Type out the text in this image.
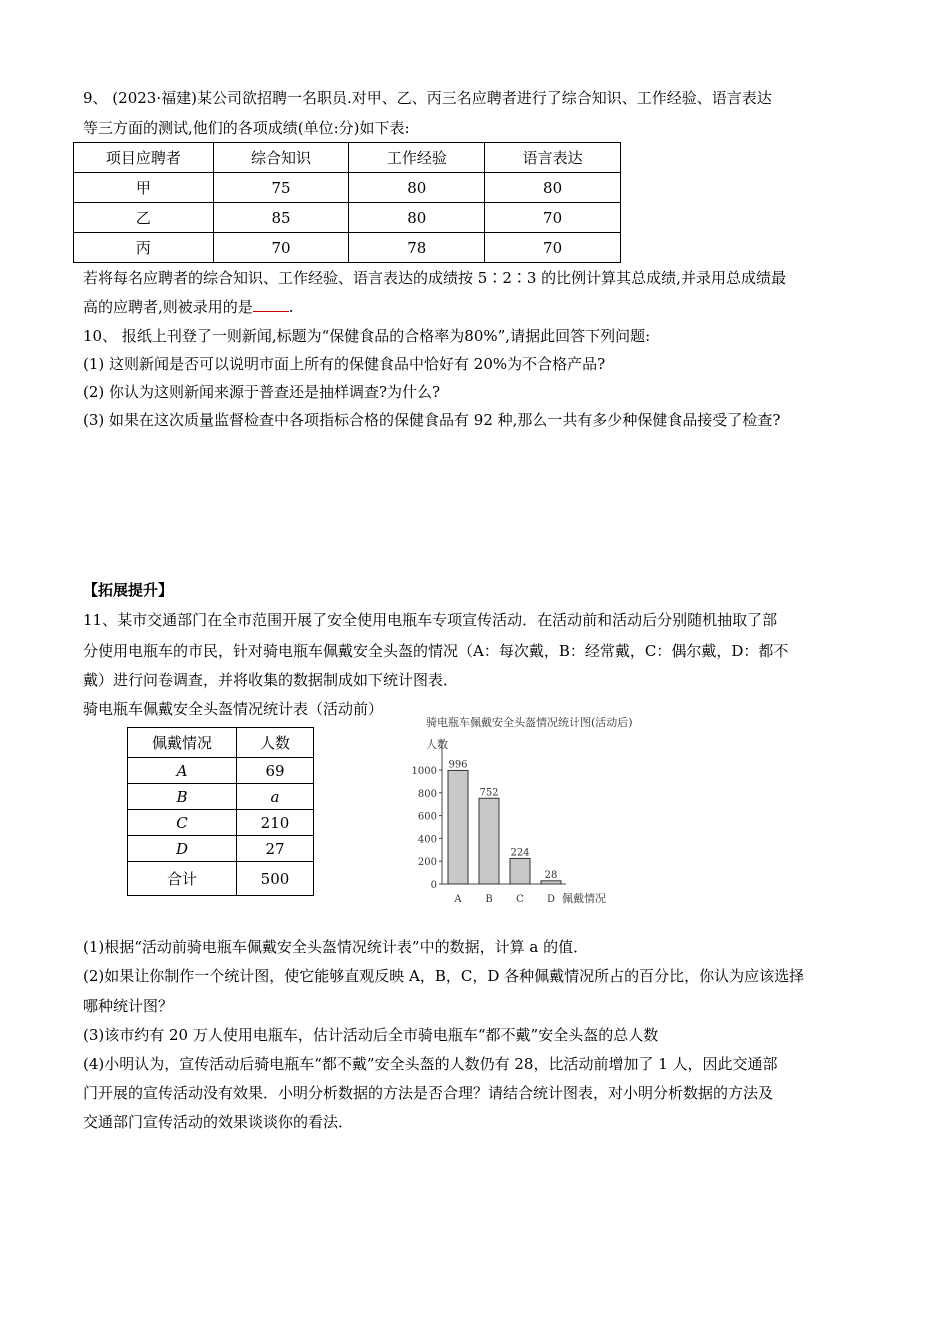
9、 (2023·福建)某公司欲招聘一名职员.对甲、乙、丙三名应聘者进行了综合知识、工作经验、语言表达
等三方面的测试,他们的各项成绩(单位:分)如下表:
项目应聘者	综合知识	工作经验	语言表达
甲	75	80	80
乙	85	80	70
丙	70	78	70
若将每名应聘者的综合知识、工作经验、语言表达的成绩按 5∶2∶3 的比例计算其总成绩,并录用总成绩最
高的应聘者,则被录用的是 .
10、 报纸上刊登了一则新闻,标题为“保健食品的合格率为80%”,请据此回答下列问题:
(1) 这则新闻是否可以说明市面上所有的保健食品中恰好有 20%为不合格产品?
(2) 你认为这则新闻来源于普查还是抽样调查?为什么?
(3) 如果在这次质量监督检查中各项指标合格的保健食品有 92 种,那么一共有多少种保健食品接受了检查?
【拓展提升】
11、某市交通部门在全市范围开展了安全使用电瓶车专项宣传活动．在活动前和活动后分别随机抽取了部
分使用电瓶车的市民，针对骑电瓶车佩戴安全头盔的情况（A：每次戴，B：经常戴，C：偶尔戴，D：都不
戴）进行问卷调查，并将收集的数据制成如下统计图表．
骑电瓶车佩戴安全头盔情况统计表（活动前）
佩戴情况	人数
A	69
B	a
C	210
D	27
合计	500
骑电瓶车佩戴安全头盔情况统计图(活动后)
人数
0
200
400
600
800
1000
996
752
224
28
A B C D 佩戴情况
(1)根据“活动前骑电瓶车佩戴安全头盔情况统计表”中的数据，计算 a 的值．
(2)如果让你制作一个统计图，使它能够直观反映 A，B，C，D 各种佩戴情况所占的百分比，你认为应该选择
哪种统计图？
(3)该市约有 20 万人使用电瓶车，估计活动后全市骑电瓶车“都不戴”安全头盔的总人数
(4)小明认为，宣传活动后骑电瓶车“都不戴”安全头盔的人数仍有 28，比活动前增加了 1 人，因此交通部
门开展的宣传活动没有效果．小明分析数据的方法是否合理？请结合统计图表，对小明分析数据的方法及
交通部门宣传活动的效果谈谈你的看法．
